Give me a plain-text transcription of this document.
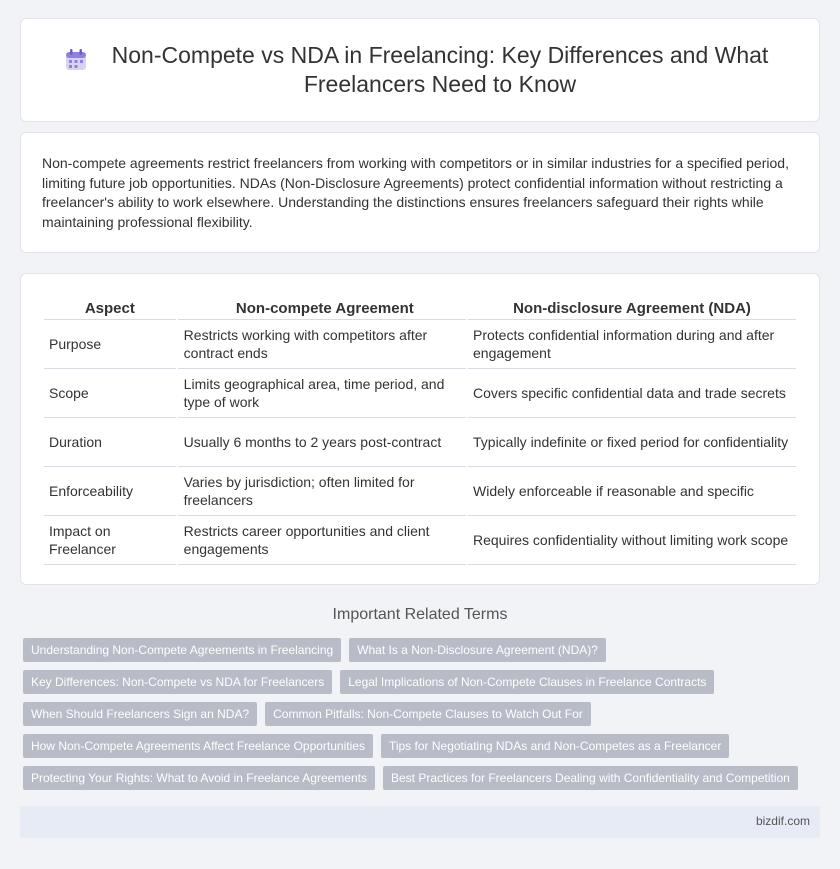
Non-Compete vs NDA in Freelancing: Key Differences and What Freelancers Need to Know

Non-compete agreements restrict freelancers from working with competitors or in similar industries for a specified period, limiting future job opportunities. NDAs (Non-Disclosure Agreements) protect confidential information without restricting a freelancer's ability to work elsewhere. Understanding the distinctions ensures freelancers safeguard their rights while maintaining professional flexibility.

Aspect	Non-compete Agreement	Non-disclosure Agreement (NDA)
Purpose	Restricts working with competitors after contract ends	Protects confidential information during and after engagement
Scope	Limits geographical area, time period, and type of work	Covers specific confidential data and trade secrets
Duration	Usually 6 months to 2 years post-contract	Typically indefinite or fixed period for confidentiality
Enforceability	Varies by jurisdiction; often limited for freelancers	Widely enforceable if reasonable and specific
Impact on Freelancer	Restricts career opportunities and client engagements	Requires confidentiality without limiting work scope
Important Related Terms
Understanding Non-Compete Agreements in Freelancing	What Is a Non-Disclosure Agreement (NDA)?
Key Differences: Non-Compete vs NDA for Freelancers	Legal Implications of Non-Compete Clauses in Freelance Contracts
When Should Freelancers Sign an NDA?	Common Pitfalls: Non-Compete Clauses to Watch Out For
How Non-Compete Agreements Affect Freelance Opportunities	Tips for Negotiating NDAs and Non-Competes as a Freelancer
Protecting Your Rights: What to Avoid in Freelance Agreements	Best Practices for Freelancers Dealing with Confidentiality and Competition
bizdif.com
